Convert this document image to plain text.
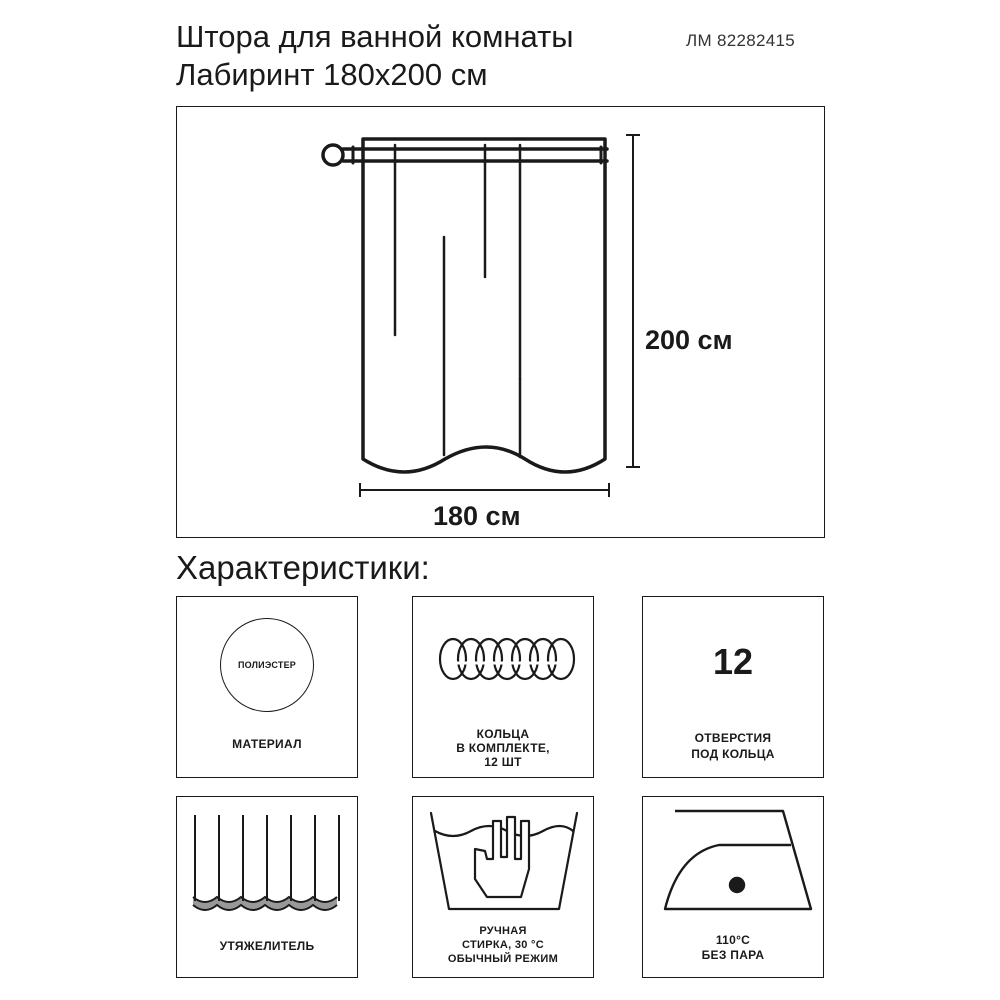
Штора для ванной комнаты
Лабиринт 180х200 см
ЛМ 82282415
200 см
180 см
Характеристики:
ПОЛИЭСТЕР
МАТЕРИАЛ
КОЛЬЦА
В КОМПЛЕКТЕ,
12 ШТ
12
ОТВЕРСТИЯ
ПОД КОЛЬЦА
УТЯЖЕЛИТЕЛЬ
РУЧНАЯ
СТИРКА, 30 °С
ОБЫЧНЫЙ РЕЖИМ
110°С
БЕЗ ПАРА
